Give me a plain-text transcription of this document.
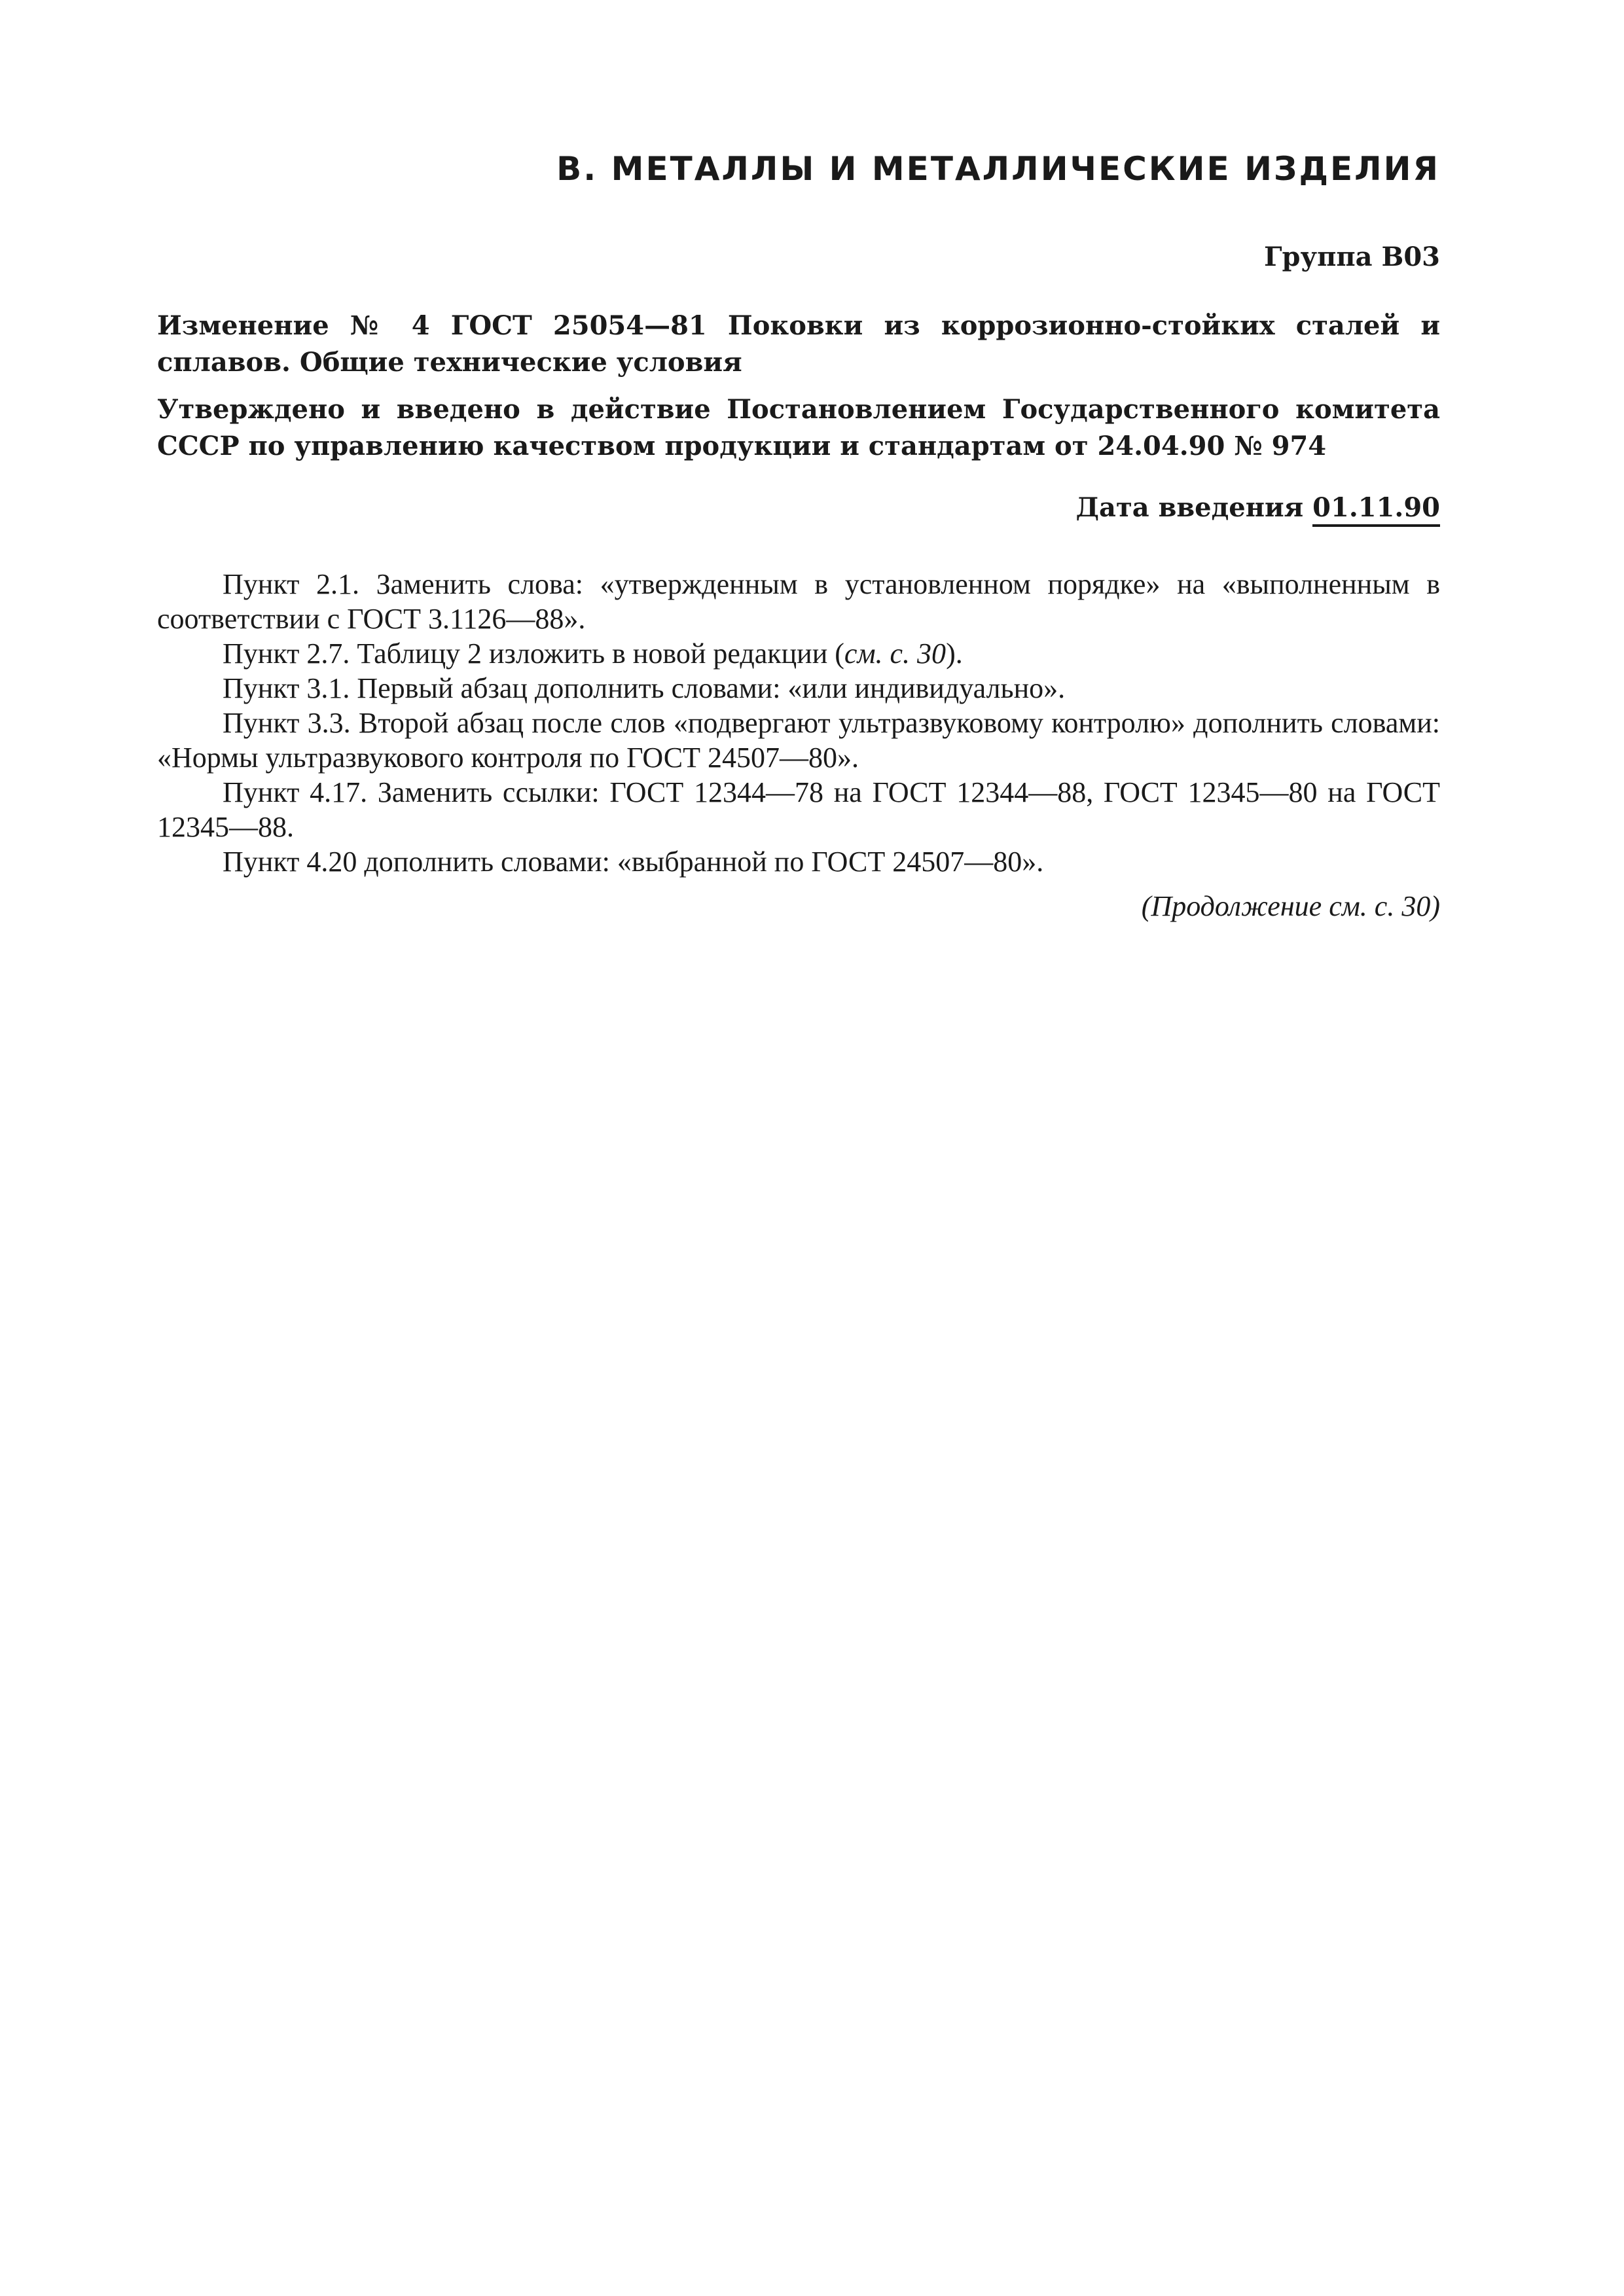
В. МЕТАЛЛЫ И МЕТАЛЛИЧЕСКИЕ ИЗДЕЛИЯ
Группа В03
Изменение № 4 ГОСТ 25054—81 Поковки из коррозионно-стойких сталей и сплавов. Общие технические условия
Утверждено и введено в действие Постановлением Государственного комитета СССР по управлению качеством продукции и стандартам от 24.04.90 № 974
Дата введения 01.11.90

Пункт 2.1. Заменить слова: «утвержденным в установленном порядке» на «выполненным в соответствии с ГОСТ 3.1126—88».

Пункт 2.7. Таблицу 2 изложить в новой редакции (см. с. 30).

Пункт 3.1. Первый абзац дополнить словами: «или индивидуально».

Пункт 3.3. Второй абзац после слов «подвергают ультразвуковому контролю» дополнить словами: «Нормы ультразвукового контроля по ГОСТ 24507—80».

Пункт 4.17. Заменить ссылки: ГОСТ 12344—78 на ГОСТ 12344—88, ГОСТ 12345—80 на ГОСТ 12345—88.

Пункт 4.20 дополнить словами: «выбранной по ГОСТ 24507—80».

(Продолжение см. с. 30)
